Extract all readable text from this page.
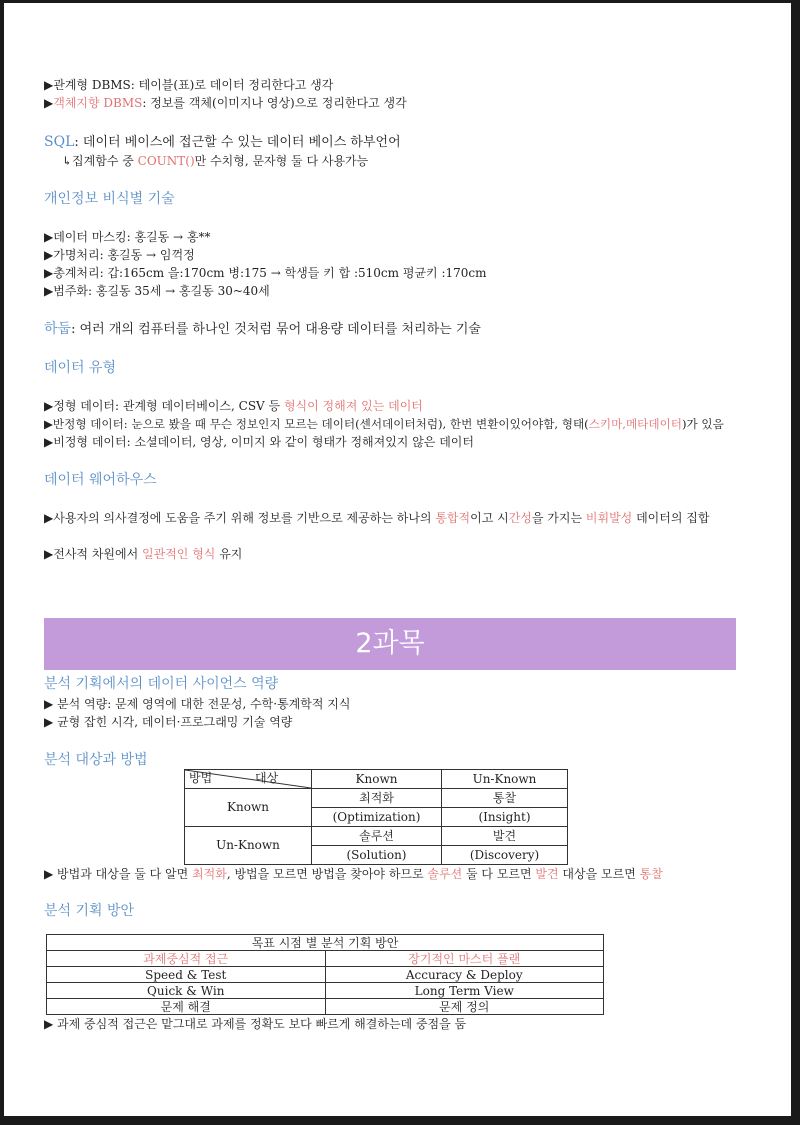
▶관계형 DBMS: 테이블(표)로 데이터 정리한다고 생각
▶객체지향 DBMS: 정보를 객체(이미지나 영상)으로 정리한다고 생각
SQL: 데이터 베이스에 접근할 수 있는 데이터 베이스 하부언어
↳집계함수 중 COUNT()만 수치형, 문자형 둘 다 사용가능
개인정보 비식별 기술
▶데이터 마스킹: 홍길동 → 홍**
▶가명처리: 홍길동 → 임꺽정
▶총계처리: 갑:165cm 을:170cm 병:175 → 학생들 키 합 :510cm 평균키 :170cm
▶범주화: 홍길동 35세 → 홍길동 30~40세
하둡: 여러 개의 컴퓨터를 하나인 것처럼 묶어 대용량 데이터를 처리하는 기술
데이터 유형
▶정형 데이터: 관계형 데이터베이스, CSV 등 형식이 정해져 있는 데이터
▶반정형 데이터: 눈으로 봤을 때 무슨 정보인지 모르는 데이터(센서데이터처럼), 한번 변환이있어야함, 형태(스키마,메타데이터)가 있음
▶비정형 데이터: 소셜데이터, 영상, 이미지 와 같이 형태가 정해져있지 않은 데이터
데이터 웨어하우스
▶사용자의 의사결정에 도움을 주기 위해 정보를 기반으로 제공하는 하나의 통합적이고 시간성을 가지는 비휘발성 데이터의 집합
▶전사적 차원에서 일관적인 형식 유지
2과목
분석 기획에서의 데이터 사이언스 역량
▶ 분석 역량: 문제 영역에 대한 전문성, 수학·통계학적 지식
▶ 균형 잡힌 시각, 데이터·프로그래밍 기술 역량
분석 대상과 방법
방법 대상	Known	Un-Known
Known	최적화	통찰
	(Optimization)	(Insight)
Un-Known	솔루션	발견
	(Solution)	(Discovery)
▶ 방법과 대상을 둘 다 알면 최적화, 방법을 모르면 방법을 찾아야 하므로 솔루션 둘 다 모르면 발견 대상을 모르면 통찰
분석 기획 방안
목표 시점 별 분석 기획 방안	
과제중심적 접근	장기적인 마스터 플랜
Speed & Test	Accuracy & Deploy
Quick & Win	Long Term View
문제 해결	문제 정의
▶ 과제 중심적 접근은 맡그대로 과제를 정확도 보다 빠르게 해결하는데 중점을 둠
